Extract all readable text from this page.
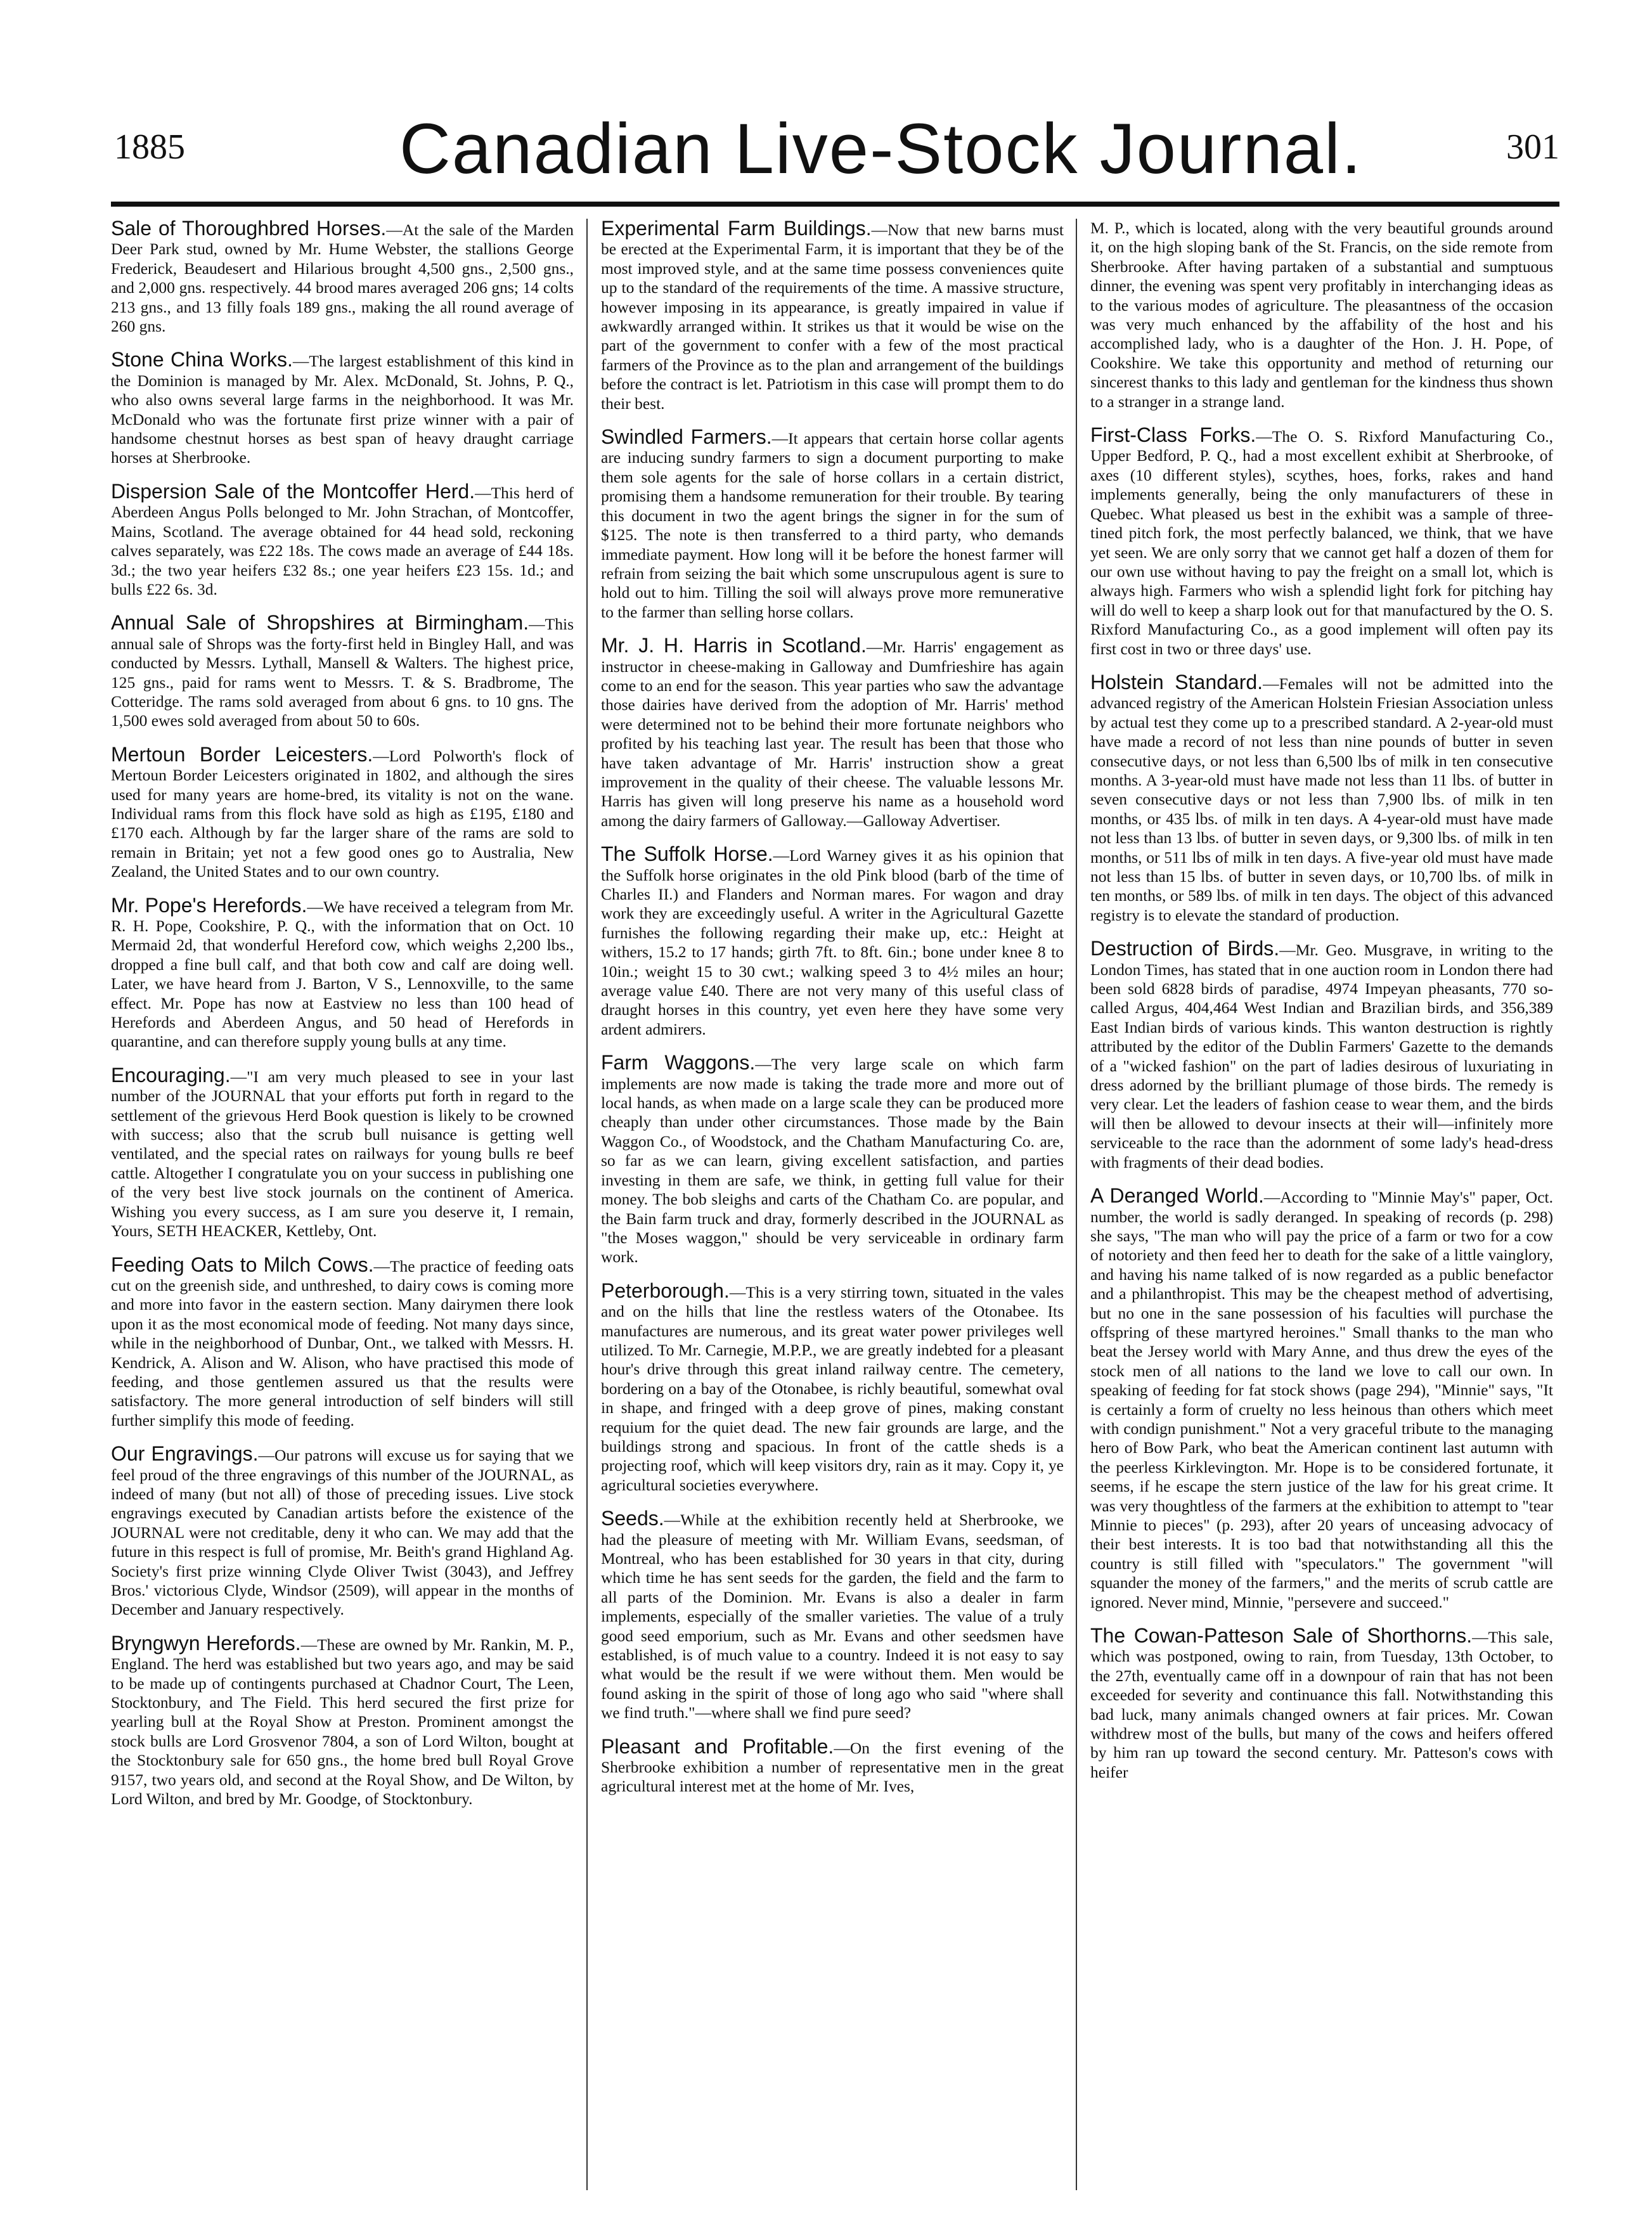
1885	Canadian Live-Stock Journal.	301

Sale of Thoroughbred Horses.—At the sale of the Marden Deer Park stud, owned by Mr. Hume Webster, the stallions George Frederick, Beaudesert and Hilarious brought 4,500 gns., 2,500 gns., and 2,000 gns. respectively. 44 brood mares averaged 206 gns; 14 colts 213 gns., and 13 filly foals 189 gns., making the all round average of 260 gns.

Stone China Works.—The largest establishment of this kind in the Dominion is managed by Mr. Alex. McDonald, St. Johns, P. Q., who also owns several large farms in the neighborhood. It was Mr. McDonald who was the fortunate first prize winner with a pair of handsome chestnut horses as best span of heavy draught carriage horses at Sherbrooke.

Dispersion Sale of the Montcoffer Herd.—This herd of Aberdeen Angus Polls belonged to Mr. John Strachan, of Montcoffer, Mains, Scotland. The average obtained for 44 head sold, reckoning calves separately, was £22 18s. The cows made an average of £44 18s. 3d.; the two year heifers £32 8s.; one year heifers £23 15s. 1d.; and bulls £22 6s. 3d.

Annual Sale of Shropshires at Birmingham.—This annual sale of Shrops was the forty-first held in Bingley Hall, and was conducted by Messrs. Lythall, Mansell & Walters. The highest price, 125 gns., paid for rams went to Messrs. T. & S. Bradbrome, The Cotteridge. The rams sold averaged from about 6 gns. to 10 gns. The 1,500 ewes sold averaged from about 50 to 60s.

Mertoun Border Leicesters.—Lord Polworth's flock of Mertoun Border Leicesters originated in 1802, and although the sires used for many years are home-bred, its vitality is not on the wane. Individual rams from this flock have sold as high as £195, £180 and £170 each. Although by far the larger share of the rams are sold to remain in Britain; yet not a few good ones go to Australia, New Zealand, the United States and to our own country.

Mr. Pope's Herefords.—We have received a telegram from Mr. R. H. Pope, Cookshire, P. Q., with the information that on Oct. 10 Mermaid 2d, that wonderful Hereford cow, which weighs 2,200 lbs., dropped a fine bull calf, and that both cow and calf are doing well. Later, we have heard from J. Barton, V S., Lennoxville, to the same effect. Mr. Pope has now at Eastview no less than 100 head of Herefords and Aberdeen Angus, and 50 head of Herefords in quarantine, and can therefore supply young bulls at any time.

Encouraging.—"I am very much pleased to see in your last number of the JOURNAL that your efforts put forth in regard to the settlement of the grievous Herd Book question is likely to be crowned with success; also that the scrub bull nuisance is getting well ventilated, and the special rates on railways for young bulls re beef cattle. Altogether I congratulate you on your success in publishing one of the very best live stock journals on the continent of America. Wishing you every success, as I am sure you deserve it, I remain, Yours, SETH HEACKER, Kettleby, Ont.

Feeding Oats to Milch Cows.—The practice of feeding oats cut on the greenish side, and unthreshed, to dairy cows is coming more and more into favor in the eastern section. Many dairymen there look upon it as the most economical mode of feeding. Not many days since, while in the neighborhood of Dunbar, Ont., we talked with Messrs. H. Kendrick, A. Alison and W. Alison, who have practised this mode of feeding, and those gentlemen assured us that the results were satisfactory. The more general introduction of self binders will still further simplify this mode of feeding.

Our Engravings.—Our patrons will excuse us for saying that we feel proud of the three engravings of this number of the JOURNAL, as indeed of many (but not all) of those of preceding issues. Live stock engravings executed by Canadian artists before the existence of the JOURNAL were not creditable, deny it who can. We may add that the future in this respect is full of promise, Mr. Beith's grand Highland Ag. Society's first prize winning Clyde Oliver Twist (3043), and Jeffrey Bros.' victorious Clyde, Windsor (2509), will appear in the months of December and January respectively.

Bryngwyn Herefords.—These are owned by Mr. Rankin, M. P., England. The herd was established but two years ago, and may be said to be made up of contingents purchased at Chadnor Court, The Leen, Stocktonbury, and The Field. This herd secured the first prize for yearling bull at the Royal Show at Preston. Prominent amongst the stock bulls are Lord Grosvenor 7804, a son of Lord Wilton, bought at the Stocktonbury sale for 650 gns., the home bred bull Royal Grove 9157, two years old, and second at the Royal Show, and De Wilton, by Lord Wilton, and bred by Mr. Goodge, of Stocktonbury.

Experimental Farm Buildings.—Now that new barns must be erected at the Experimental Farm, it is important that they be of the most improved style, and at the same time possess conveniences quite up to the standard of the requirements of the time. A massive structure, however imposing in its appearance, is greatly impaired in value if awkwardly arranged within. It strikes us that it would be wise on the part of the government to confer with a few of the most practical farmers of the Province as to the plan and arrangement of the buildings before the contract is let. Patriotism in this case will prompt them to do their best.

Swindled Farmers.—It appears that certain horse collar agents are inducing sundry farmers to sign a document purporting to make them sole agents for the sale of horse collars in a certain district, promising them a handsome remuneration for their trouble. By tearing this document in two the agent brings the signer in for the sum of $125. The note is then transferred to a third party, who demands immediate payment. How long will it be before the honest farmer will refrain from seizing the bait which some unscrupulous agent is sure to hold out to him. Tilling the soil will always prove more remunerative to the farmer than selling horse collars.

Mr. J. H. Harris in Scotland.—Mr. Harris' engagement as instructor in cheese-making in Galloway and Dumfrieshire has again come to an end for the season. This year parties who saw the advantage those dairies have derived from the adoption of Mr. Harris' method were determined not to be behind their more fortunate neighbors who profited by his teaching last year. The result has been that those who have taken advantage of Mr. Harris' instruction show a great improvement in the quality of their cheese. The valuable lessons Mr. Harris has given will long preserve his name as a household word among the dairy farmers of Galloway.—Galloway Advertiser.

The Suffolk Horse.—Lord Warney gives it as his opinion that the Suffolk horse originates in the old Pink blood (barb of the time of Charles II.) and Flanders and Norman mares. For wagon and dray work they are exceedingly useful. A writer in the Agricultural Gazette furnishes the following regarding their make up, etc.: Height at withers, 15.2 to 17 hands; girth 7ft. to 8ft. 6in.; bone under knee 8 to 10in.; weight 15 to 30 cwt.; walking speed 3 to 4½ miles an hour; average value £40. There are not very many of this useful class of draught horses in this country, yet even here they have some very ardent admirers.

Farm Waggons.—The very large scale on which farm implements are now made is taking the trade more and more out of local hands, as when made on a large scale they can be produced more cheaply than under other circumstances. Those made by the Bain Waggon Co., of Woodstock, and the Chatham Manufacturing Co. are, so far as we can learn, giving excellent satisfaction, and parties investing in them are safe, we think, in getting full value for their money. The bob sleighs and carts of the Chatham Co. are popular, and the Bain farm truck and dray, formerly described in the JOURNAL as "the Moses waggon," should be very serviceable in ordinary farm work.

Peterborough.—This is a very stirring town, situated in the vales and on the hills that line the restless waters of the Otonabee. Its manufactures are numerous, and its great water power privileges well utilized. To Mr. Carnegie, M.P.P., we are greatly indebted for a pleasant hour's drive through this great inland railway centre. The cemetery, bordering on a bay of the Otonabee, is richly beautiful, somewhat oval in shape, and fringed with a deep grove of pines, making constant requium for the quiet dead. The new fair grounds are large, and the buildings strong and spacious. In front of the cattle sheds is a projecting roof, which will keep visitors dry, rain as it may. Copy it, ye agricultural societies everywhere.

Seeds.—While at the exhibition recently held at Sherbrooke, we had the pleasure of meeting with Mr. William Evans, seedsman, of Montreal, who has been established for 30 years in that city, during which time he has sent seeds for the garden, the field and the farm to all parts of the Dominion. Mr. Evans is also a dealer in farm implements, especially of the smaller varieties. The value of a truly good seed emporium, such as Mr. Evans and other seedsmen have established, is of much value to a country. Indeed it is not easy to say what would be the result if we were without them. Men would be found asking in the spirit of those of long ago who said "where shall we find truth."—where shall we find pure seed?

Pleasant and Profitable.—On the first evening of the Sherbrooke exhibition a number of representative men in the great agricultural interest met at the home of Mr. Ives,

M. P., which is located, along with the very beautiful grounds around it, on the high sloping bank of the St. Francis, on the side remote from Sherbrooke. After having partaken of a substantial and sumptuous dinner, the evening was spent very profitably in interchanging ideas as to the various modes of agriculture. The pleasantness of the occasion was very much enhanced by the affability of the host and his accomplished lady, who is a daughter of the Hon. J. H. Pope, of Cookshire. We take this opportunity and method of returning our sincerest thanks to this lady and gentleman for the kindness thus shown to a stranger in a strange land.

First-Class Forks.—The O. S. Rixford Manufacturing Co., Upper Bedford, P. Q., had a most excellent exhibit at Sherbrooke, of axes (10 different styles), scythes, hoes, forks, rakes and hand implements generally, being the only manufacturers of these in Quebec. What pleased us best in the exhibit was a sample of three-tined pitch fork, the most perfectly balanced, we think, that we have yet seen. We are only sorry that we cannot get half a dozen of them for our own use without having to pay the freight on a small lot, which is always high. Farmers who wish a splendid light fork for pitching hay will do well to keep a sharp look out for that manufactured by the O. S. Rixford Manufacturing Co., as a good implement will often pay its first cost in two or three days' use.

Holstein Standard.—Females will not be admitted into the advanced registry of the American Holstein Friesian Association unless by actual test they come up to a prescribed standard. A 2-year-old must have made a record of not less than nine pounds of butter in seven consecutive days, or not less than 6,500 lbs of milk in ten consecutive months. A 3-year-old must have made not less than 11 lbs. of butter in seven consecutive days or not less than 7,900 lbs. of milk in ten months, or 435 lbs. of milk in ten days. A 4-year-old must have made not less than 13 lbs. of butter in seven days, or 9,300 lbs. of milk in ten months, or 511 lbs of milk in ten days. A five-year old must have made not less than 15 lbs. of butter in seven days, or 10,700 lbs. of milk in ten months, or 589 lbs. of milk in ten days. The object of this advanced registry is to elevate the standard of production.

Destruction of Birds.—Mr. Geo. Musgrave, in writing to the London Times, has stated that in one auction room in London there had been sold 6828 birds of paradise, 4974 Impeyan pheasants, 770 so-called Argus, 404,464 West Indian and Brazilian birds, and 356,389 East Indian birds of various kinds. This wanton destruction is rightly attributed by the editor of the Dublin Farmers' Gazette to the demands of a "wicked fashion" on the part of ladies desirous of luxuriating in dress adorned by the brilliant plumage of those birds. The remedy is very clear. Let the leaders of fashion cease to wear them, and the birds will then be allowed to devour insects at their will—infinitely more serviceable to the race than the adornment of some lady's head-dress with fragments of their dead bodies.

A Deranged World.—According to "Minnie May's" paper, Oct. number, the world is sadly deranged. In speaking of records (p. 298) she says, "The man who will pay the price of a farm or two for a cow of notoriety and then feed her to death for the sake of a little vainglory, and having his name talked of is now regarded as a public benefactor and a philanthropist. This may be the cheapest method of advertising, but no one in the sane possession of his faculties will purchase the offspring of these martyred heroines." Small thanks to the man who beat the Jersey world with Mary Anne, and thus drew the eyes of the stock men of all nations to the land we love to call our own. In speaking of feeding for fat stock shows (page 294), "Minnie" says, "It is certainly a form of cruelty no less heinous than others which meet with condign punishment." Not a very graceful tribute to the managing hero of Bow Park, who beat the American continent last autumn with the peerless Kirklevington. Mr. Hope is to be considered fortunate, it seems, if he escape the stern justice of the law for his great crime. It was very thoughtless of the farmers at the exhibition to attempt to "tear Minnie to pieces" (p. 293), after 20 years of unceasing advocacy of their best interests. It is too bad that notwithstanding all this the country is still filled with "speculators." The government "will squander the money of the farmers," and the merits of scrub cattle are ignored. Never mind, Minnie, "persevere and succeed."

The Cowan-Patteson Sale of Shorthorns.—This sale, which was postponed, owing to rain, from Tuesday, 13th October, to the 27th, eventually came off in a downpour of rain that has not been exceeded for severity and continuance this fall. Notwithstanding this bad luck, many animals changed owners at fair prices. Mr. Cowan withdrew most of the bulls, but many of the cows and heifers offered by him ran up toward the second century. Mr. Patteson's cows with heifer
